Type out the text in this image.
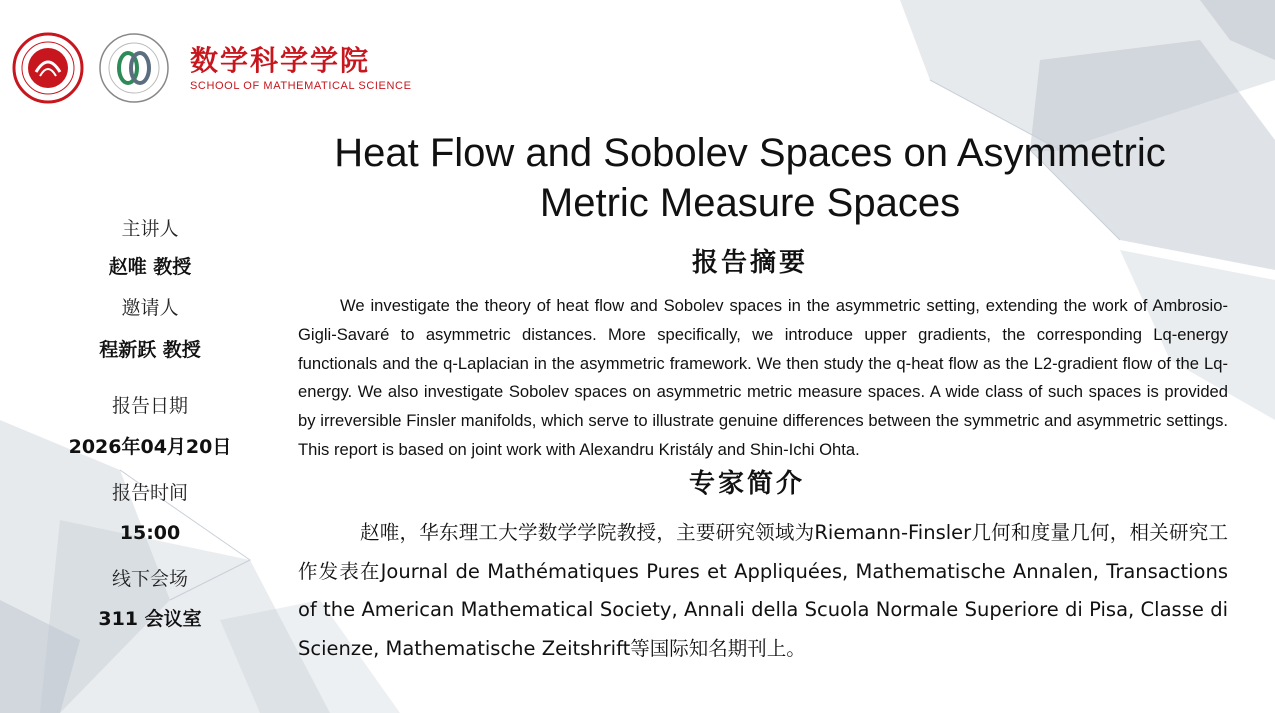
数学科学学院
SCHOOL OF MATHEMATICAL SCIENCE
Heat Flow and Sobolev Spaces on Asymmetric Metric Measure Spaces
主讲人
赵唯 教授
邀请人
程新跃 教授
报告日期
2026年04月20日
报告时间
15:00
线下会场
311 会议室
报告摘要

We investigate the theory of heat flow and Sobolev spaces in the asymmetric setting, extending the work of Ambrosio-Gigli-Savaré to asymmetric distances. More specifically, we introduce upper gradients, the corresponding Lq-energy functionals and the q-Laplacian in the asymmetric framework. We then study the q-heat flow as the L2-gradient flow of the Lq-energy. We also investigate Sobolev spaces on asymmetric metric measure spaces. A wide class of such spaces is provided by irreversible Finsler manifolds, which serve to illustrate genuine differences between the symmetric and asymmetric settings. This report is based on joint work with Alexandru Kristály and Shin-Ichi Ohta.

专家简介

赵唯，华东理工大学数学学院教授，主要研究领域为Riemann-Finsler几何和度量几何，相关研究工作发表在Journal de Mathématiques Pures et Appliquées, Mathematische Annalen, Transactions of the American Mathematical Society, Annali della Scuola Normale Superiore di Pisa, Classe di Scienze, Mathematische Zeitshrift等国际知名期刊上。
